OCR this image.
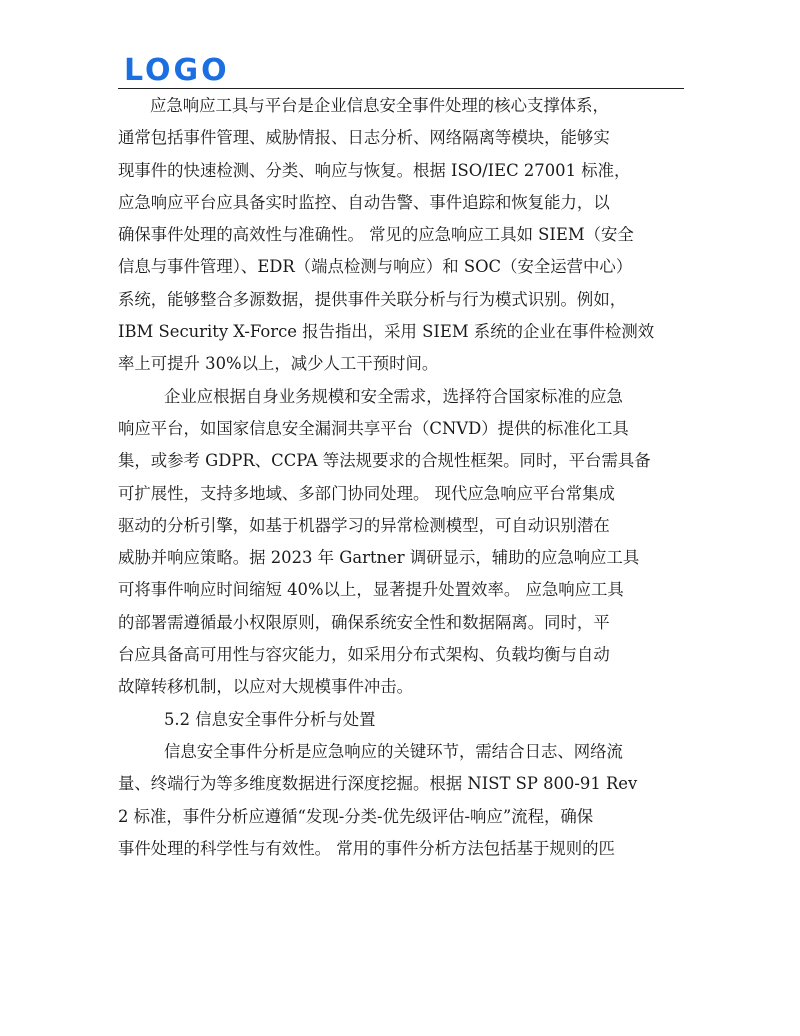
LOGO
应急响应工具与平台是企业信息安全事件处理的核心支撑体系，
通常包括事件管理、威胁情报、日志分析、网络隔离等模块，能够实
现事件的快速检测、分类、响应与恢复。根据 ISO/IEC 27001 标准，
应急响应平台应具备实时监控、自动告警、事件追踪和恢复能力，以
确保事件处理的高效性与准确性。 常见的应急响应工具如 SIEM（安全
信息与事件管理）、EDR（端点检测与响应）和 SOC（安全运营中心）
系统，能够整合多源数据，提供事件关联分析与行为模式识别。例如，
IBM Security X-Force 报告指出，采用 SIEM 系统的企业在事件检测效
率上可提升 30%以上，减少人工干预时间。
企业应根据自身业务规模和安全需求，选择符合国家标准的应急
响应平台，如国家信息安全漏洞共享平台（CNVD）提供的标准化工具
集，或参考 GDPR、CCPA 等法规要求的合规性框架。同时，平台需具备
可扩展性，支持多地域、多部门协同处理。 现代应急响应平台常集成
驱动的分析引擎，如基于机器学习的异常检测模型，可自动识别潜在
威胁并响应策略。据 2023 年 Gartner 调研显示，辅助的应急响应工具
可将事件响应时间缩短 40%以上，显著提升处置效率。 应急响应工具
的部署需遵循最小权限原则，确保系统安全性和数据隔离。同时，平
台应具备高可用性与容灾能力，如采用分布式架构、负载均衡与自动
故障转移机制，以应对大规模事件冲击。
5.2 信息安全事件分析与处置
信息安全事件分析是应急响应的关键环节，需结合日志、网络流
量、终端行为等多维度数据进行深度挖掘。根据 NIST SP 800-91 Rev
2 标准，事件分析应遵循“发现-分类-优先级评估-响应”流程，确保
事件处理的科学性与有效性。 常用的事件分析方法包括基于规则的匹
